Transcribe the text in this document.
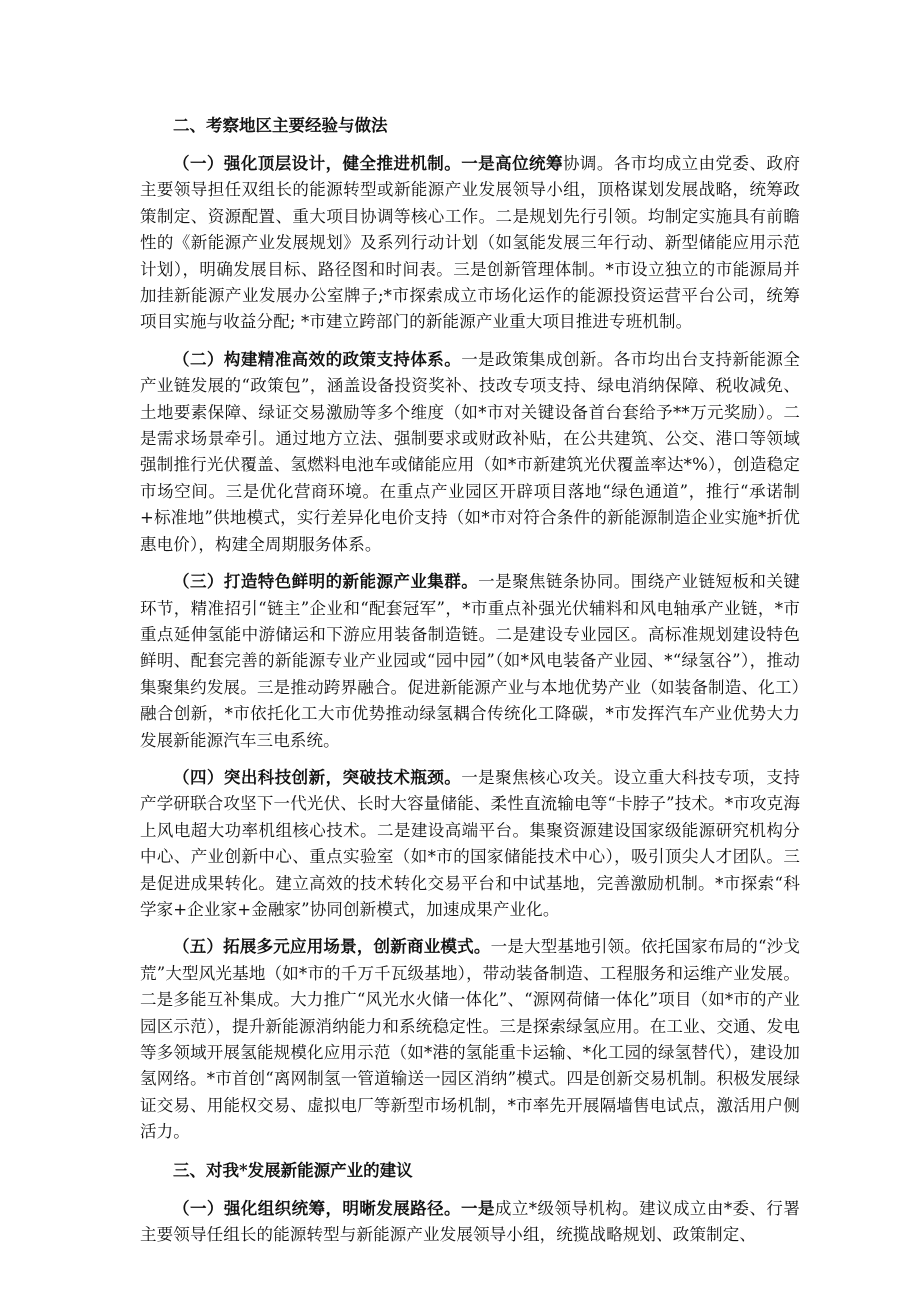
二、考察地区主要经验与做法

（一）强化顶层设计，健全推进机制。一是高位统筹协调。各市均成立由党委、政府主要领导担任双组长的能源转型或新能源产业发展领导小组，顶格谋划发展战略，统筹政策制定、资源配置、重大项目协调等核心工作。二是规划先行引领。均制定实施具有前瞻性的《新能源产业发展规划》及系列行动计划（如氢能发展三年行动、新型储能应用示范计划），明确发展目标、路径图和时间表。三是创新管理体制。*市设立独立的市能源局并加挂新能源产业发展办公室牌子;*市探索成立市场化运作的能源投资运营平台公司，统筹项目实施与收益分配; *市建立跨部门的新能源产业重大项目推进专班机制。

（二）构建精准高效的政策支持体系。一是政策集成创新。各市均出台支持新能源全产业链发展的“政策包”，涵盖设备投资奖补、技改专项支持、绿电消纳保障、税收减免、土地要素保障、绿证交易激励等多个维度（如*市对关键设备首台套给予**万元奖励）。二是需求场景牵引。通过地方立法、强制要求或财政补贴，在公共建筑、公交、港口等领域强制推行光伏覆盖、氢燃料电池车或储能应用（如*市新建筑光伏覆盖率达*%），创造稳定市场空间。三是优化营商环境。在重点产业园区开辟项目落地“绿色通道”，推行“承诺制+标准地”供地模式，实行差异化电价支持（如*市对符合条件的新能源制造企业实施*折优惠电价），构建全周期服务体系。

（三）打造特色鲜明的新能源产业集群。一是聚焦链条协同。围绕产业链短板和关键环节，精准招引“链主”企业和“配套冠军”，*市重点补强光伏辅料和风电轴承产业链，*市重点延伸氢能中游储运和下游应用装备制造链。二是建设专业园区。高标准规划建设特色鲜明、配套完善的新能源专业产业园或“园中园”（如*风电装备产业园、*“绿氢谷”），推动集聚集约发展。三是推动跨界融合。促进新能源产业与本地优势产业（如装备制造、化工）融合创新，*市依托化工大市优势推动绿氢耦合传统化工降碳，*市发挥汽车产业优势大力发展新能源汽车三电系统。

（四）突出科技创新，突破技术瓶颈。一是聚焦核心攻关。设立重大科技专项，支持产学研联合攻坚下一代光伏、长时大容量储能、柔性直流输电等“卡脖子”技术。*市攻克海上风电超大功率机组核心技术。二是建设高端平台。集聚资源建设国家级能源研究机构分中心、产业创新中心、重点实验室（如*市的国家储能技术中心），吸引顶尖人才团队。三是促进成果转化。建立高效的技术转化交易平台和中试基地，完善激励机制。*市探索“科学家+企业家+金融家”协同创新模式，加速成果产业化。

（五）拓展多元应用场景，创新商业模式。一是大型基地引领。依托国家布局的“沙戈荒”大型风光基地（如*市的千万千瓦级基地），带动装备制造、工程服务和运维产业发展。二是多能互补集成。大力推广“风光水火储一体化”、“源网荷储一体化”项目（如*市的产业园区示范），提升新能源消纳能力和系统稳定性。三是探索绿氢应用。在工业、交通、发电等多领域开展氢能规模化应用示范（如*港的氢能重卡运输、*化工园的绿氢替代），建设加氢网络。*市首创“离网制氢一管道输送一园区消纳”模式。四是创新交易机制。积极发展绿证交易、用能权交易、虚拟电厂等新型市场机制，*市率先开展隔墙售电试点，激活用户侧活力。

三、对我*发展新能源产业的建议

（一）强化组织统筹，明晰发展路径。一是成立*级领导机构。建议成立由*委、行署主要领导任组长的能源转型与新能源产业发展领导小组，统揽战略规划、政策制定、
